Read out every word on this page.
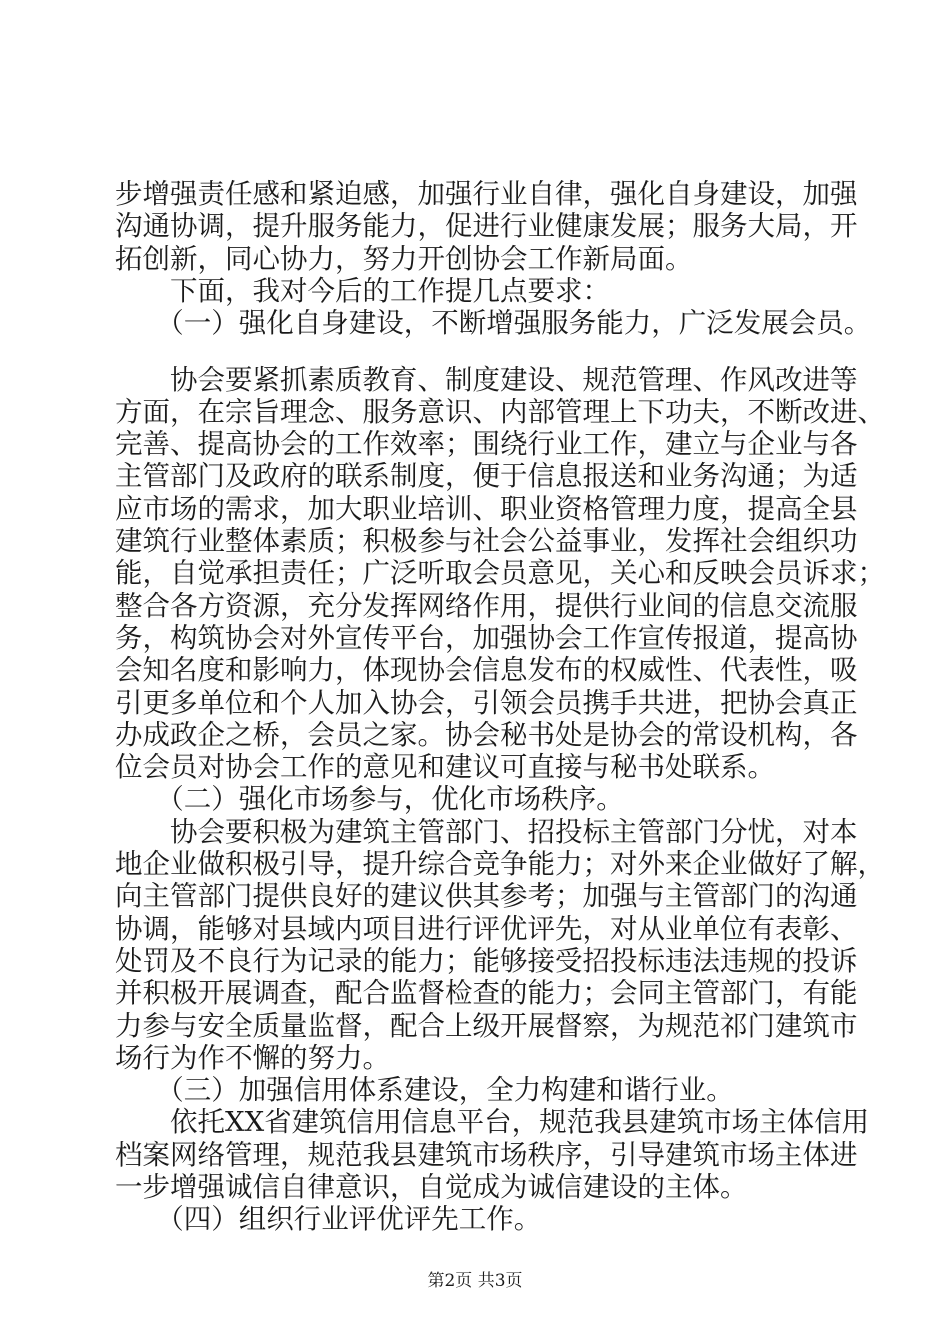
步增强责任感和紧迫感，加强行业自律，强化自身建设，加强
沟通协调，提升服务能力，促进行业健康发展；服务大局，开
拓创新，同心协力，努力开创协会工作新局面。
　　下面，我对今后的工作提几点要求：
　　（一）强化自身建设，不断增强服务能力，广泛发展会员。
　　协会要紧抓素质教育、制度建设、规范管理、作风改进等
方面，在宗旨理念、服务意识、内部管理上下功夫，不断改进、
完善、提高协会的工作效率；围绕行业工作，建立与企业与各
主管部门及政府的联系制度，便于信息报送和业务沟通；为适
应市场的需求，加大职业培训、职业资格管理力度，提高全县
建筑行业整体素质；积极参与社会公益事业，发挥社会组织功
能，自觉承担责任；广泛听取会员意见，关心和反映会员诉求；
整合各方资源，充分发挥网络作用，提供行业间的信息交流服
务，构筑协会对外宣传平台，加强协会工作宣传报道，提高协
会知名度和影响力，体现协会信息发布的权威性、代表性，吸
引更多单位和个人加入协会，引领会员携手共进，把协会真正
办成政企之桥，会员之家。协会秘书处是协会的常设机构，各
位会员对协会工作的意见和建议可直接与秘书处联系。
　　（二）强化市场参与，优化市场秩序。
　　协会要积极为建筑主管部门、招投标主管部门分忧，对本
地企业做积极引导，提升综合竞争能力；对外来企业做好了解，
向主管部门提供良好的建议供其参考；加强与主管部门的沟通
协调，能够对县域内项目进行评优评先，对从业单位有表彰、
处罚及不良行为记录的能力；能够接受招投标违法违规的投诉
并积极开展调查，配合监督检查的能力；会同主管部门，有能
力参与安全质量监督，配合上级开展督察，为规范祁门建筑市
场行为作不懈的努力。
　　（三）加强信用体系建设，全力构建和谐行业。
　　依托XX省建筑信用信息平台，规范我县建筑市场主体信用
档案网络管理，规范我县建筑市场秩序，引导建筑市场主体进
一步增强诚信自律意识，自觉成为诚信建设的主体。
　　（四）组织行业评优评先工作。
第2页 共3页
